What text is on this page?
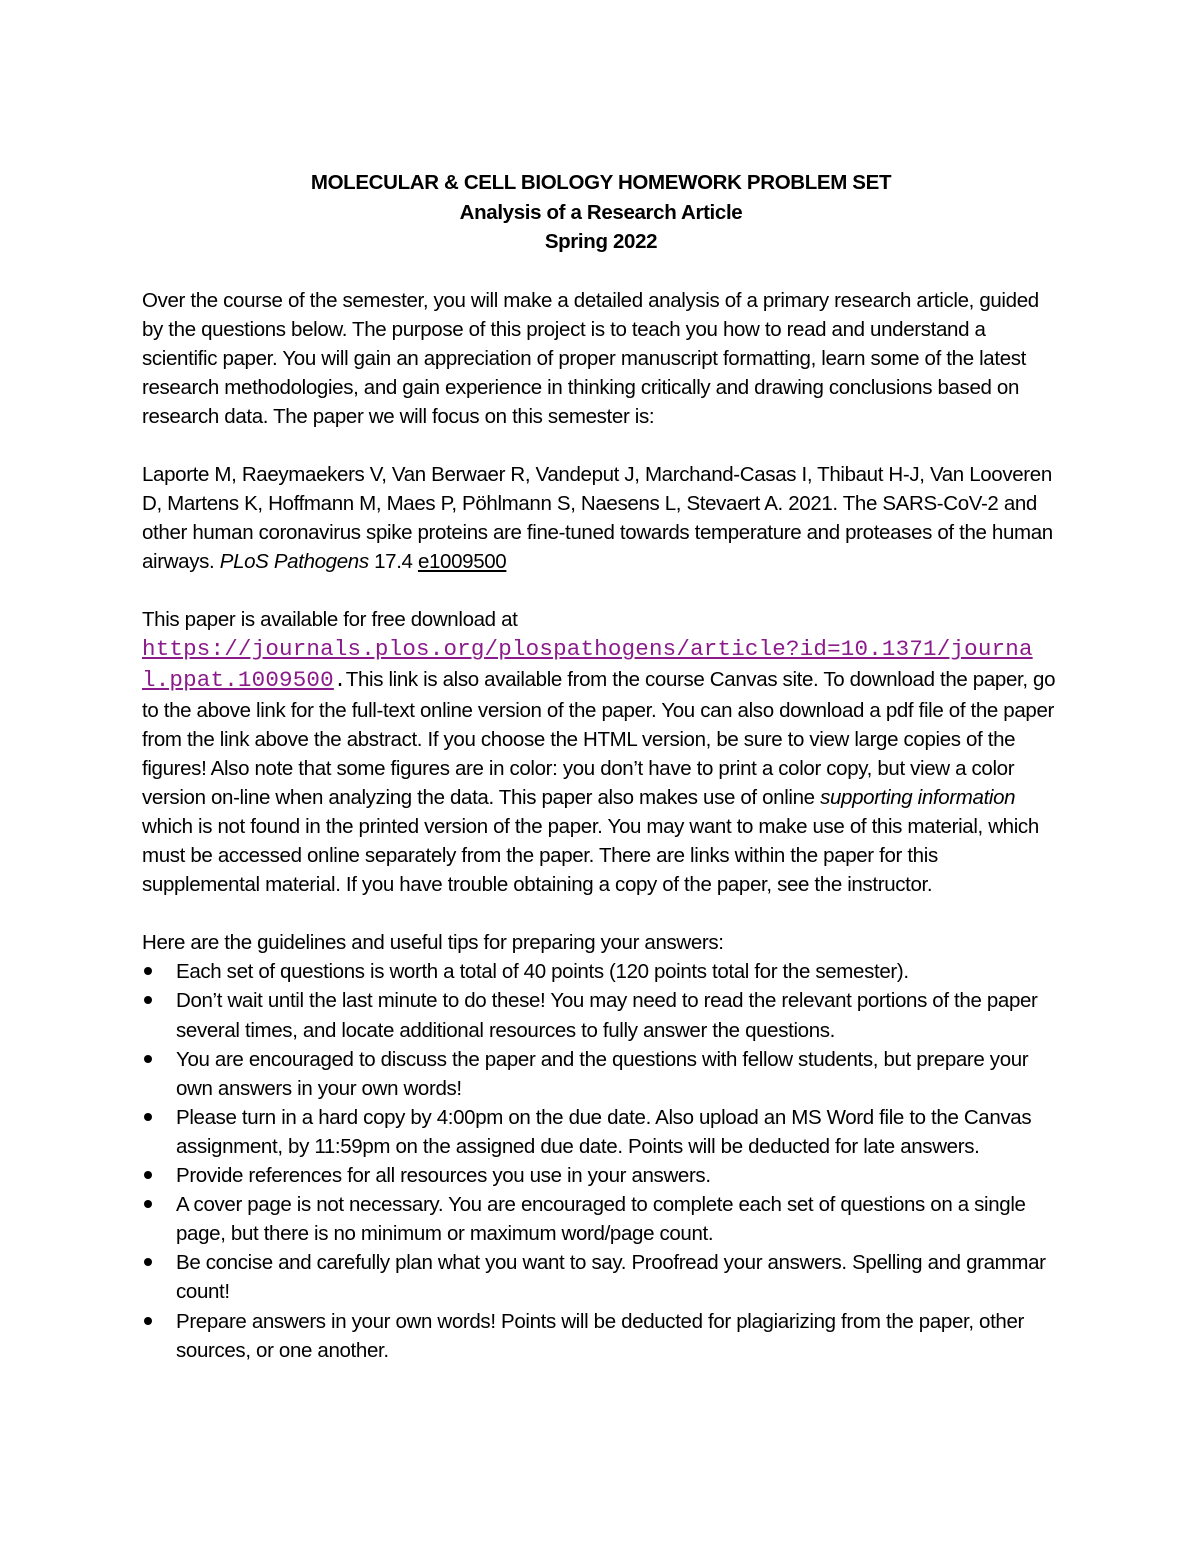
MOLECULAR & CELL BIOLOGY HOMEWORK PROBLEM SET
Analysis of a Research Article
Spring 2022

Over the course of the semester, you will make a detailed analysis of a primary research article, guided by the questions below. The purpose of this project is to teach you how to read and understand a scientific paper. You will gain an appreciation of proper manuscript formatting, learn some of the latest research methodologies, and gain experience in thinking critically and drawing conclusions based on research data. The paper we will focus on this semester is:

Laporte M, Raeymaekers V, Van Berwaer R, Vandeput J, Marchand-Casas I, Thibaut H-J, Van Looveren D, Martens K, Hoffmann M, Maes P, Pöhlmann S, Naesens L, Stevaert A. 2021. The SARS-CoV-2 and other human coronavirus spike proteins are fine-tuned towards temperature and proteases of the human airways. PLoS Pathogens 17.4 e1009500

This paper is available for free download at
https://journals.plos.org/plospathogens/article?id=10.1371/journal.ppat.1009500.This link is also available from the course Canvas site. To download the paper, go to the above link for the full-text online version of the paper. You can also download a pdf file of the paper from the link above the abstract. If you choose the HTML version, be sure to view large copies of the figures! Also note that some figures are in color: you don’t have to print a color copy, but view a color version on-line when analyzing the data. This paper also makes use of online supporting information which is not found in the printed version of the paper. You may want to make use of this material, which must be accessed online separately from the paper. There are links within the paper for this supplemental material. If you have trouble obtaining a copy of the paper, see the instructor.

Here are the guidelines and useful tips for preparing your answers:
Each set of questions is worth a total of 40 points (120 points total for the semester).
Don’t wait until the last minute to do these! You may need to read the relevant portions of the paper several times, and locate additional resources to fully answer the questions.
You are encouraged to discuss the paper and the questions with fellow students, but prepare your own answers in your own words!
Please turn in a hard copy by 4:00pm on the due date. Also upload an MS Word file to the Canvas assignment, by 11:59pm on the assigned due date. Points will be deducted for late answers.
Provide references for all resources you use in your answers.
A cover page is not necessary. You are encouraged to complete each set of questions on a single page, but there is no minimum or maximum word/page count.
Be concise and carefully plan what you want to say. Proofread your answers. Spelling and grammar count!
Prepare answers in your own words! Points will be deducted for plagiarizing from the paper, other sources, or one another.
